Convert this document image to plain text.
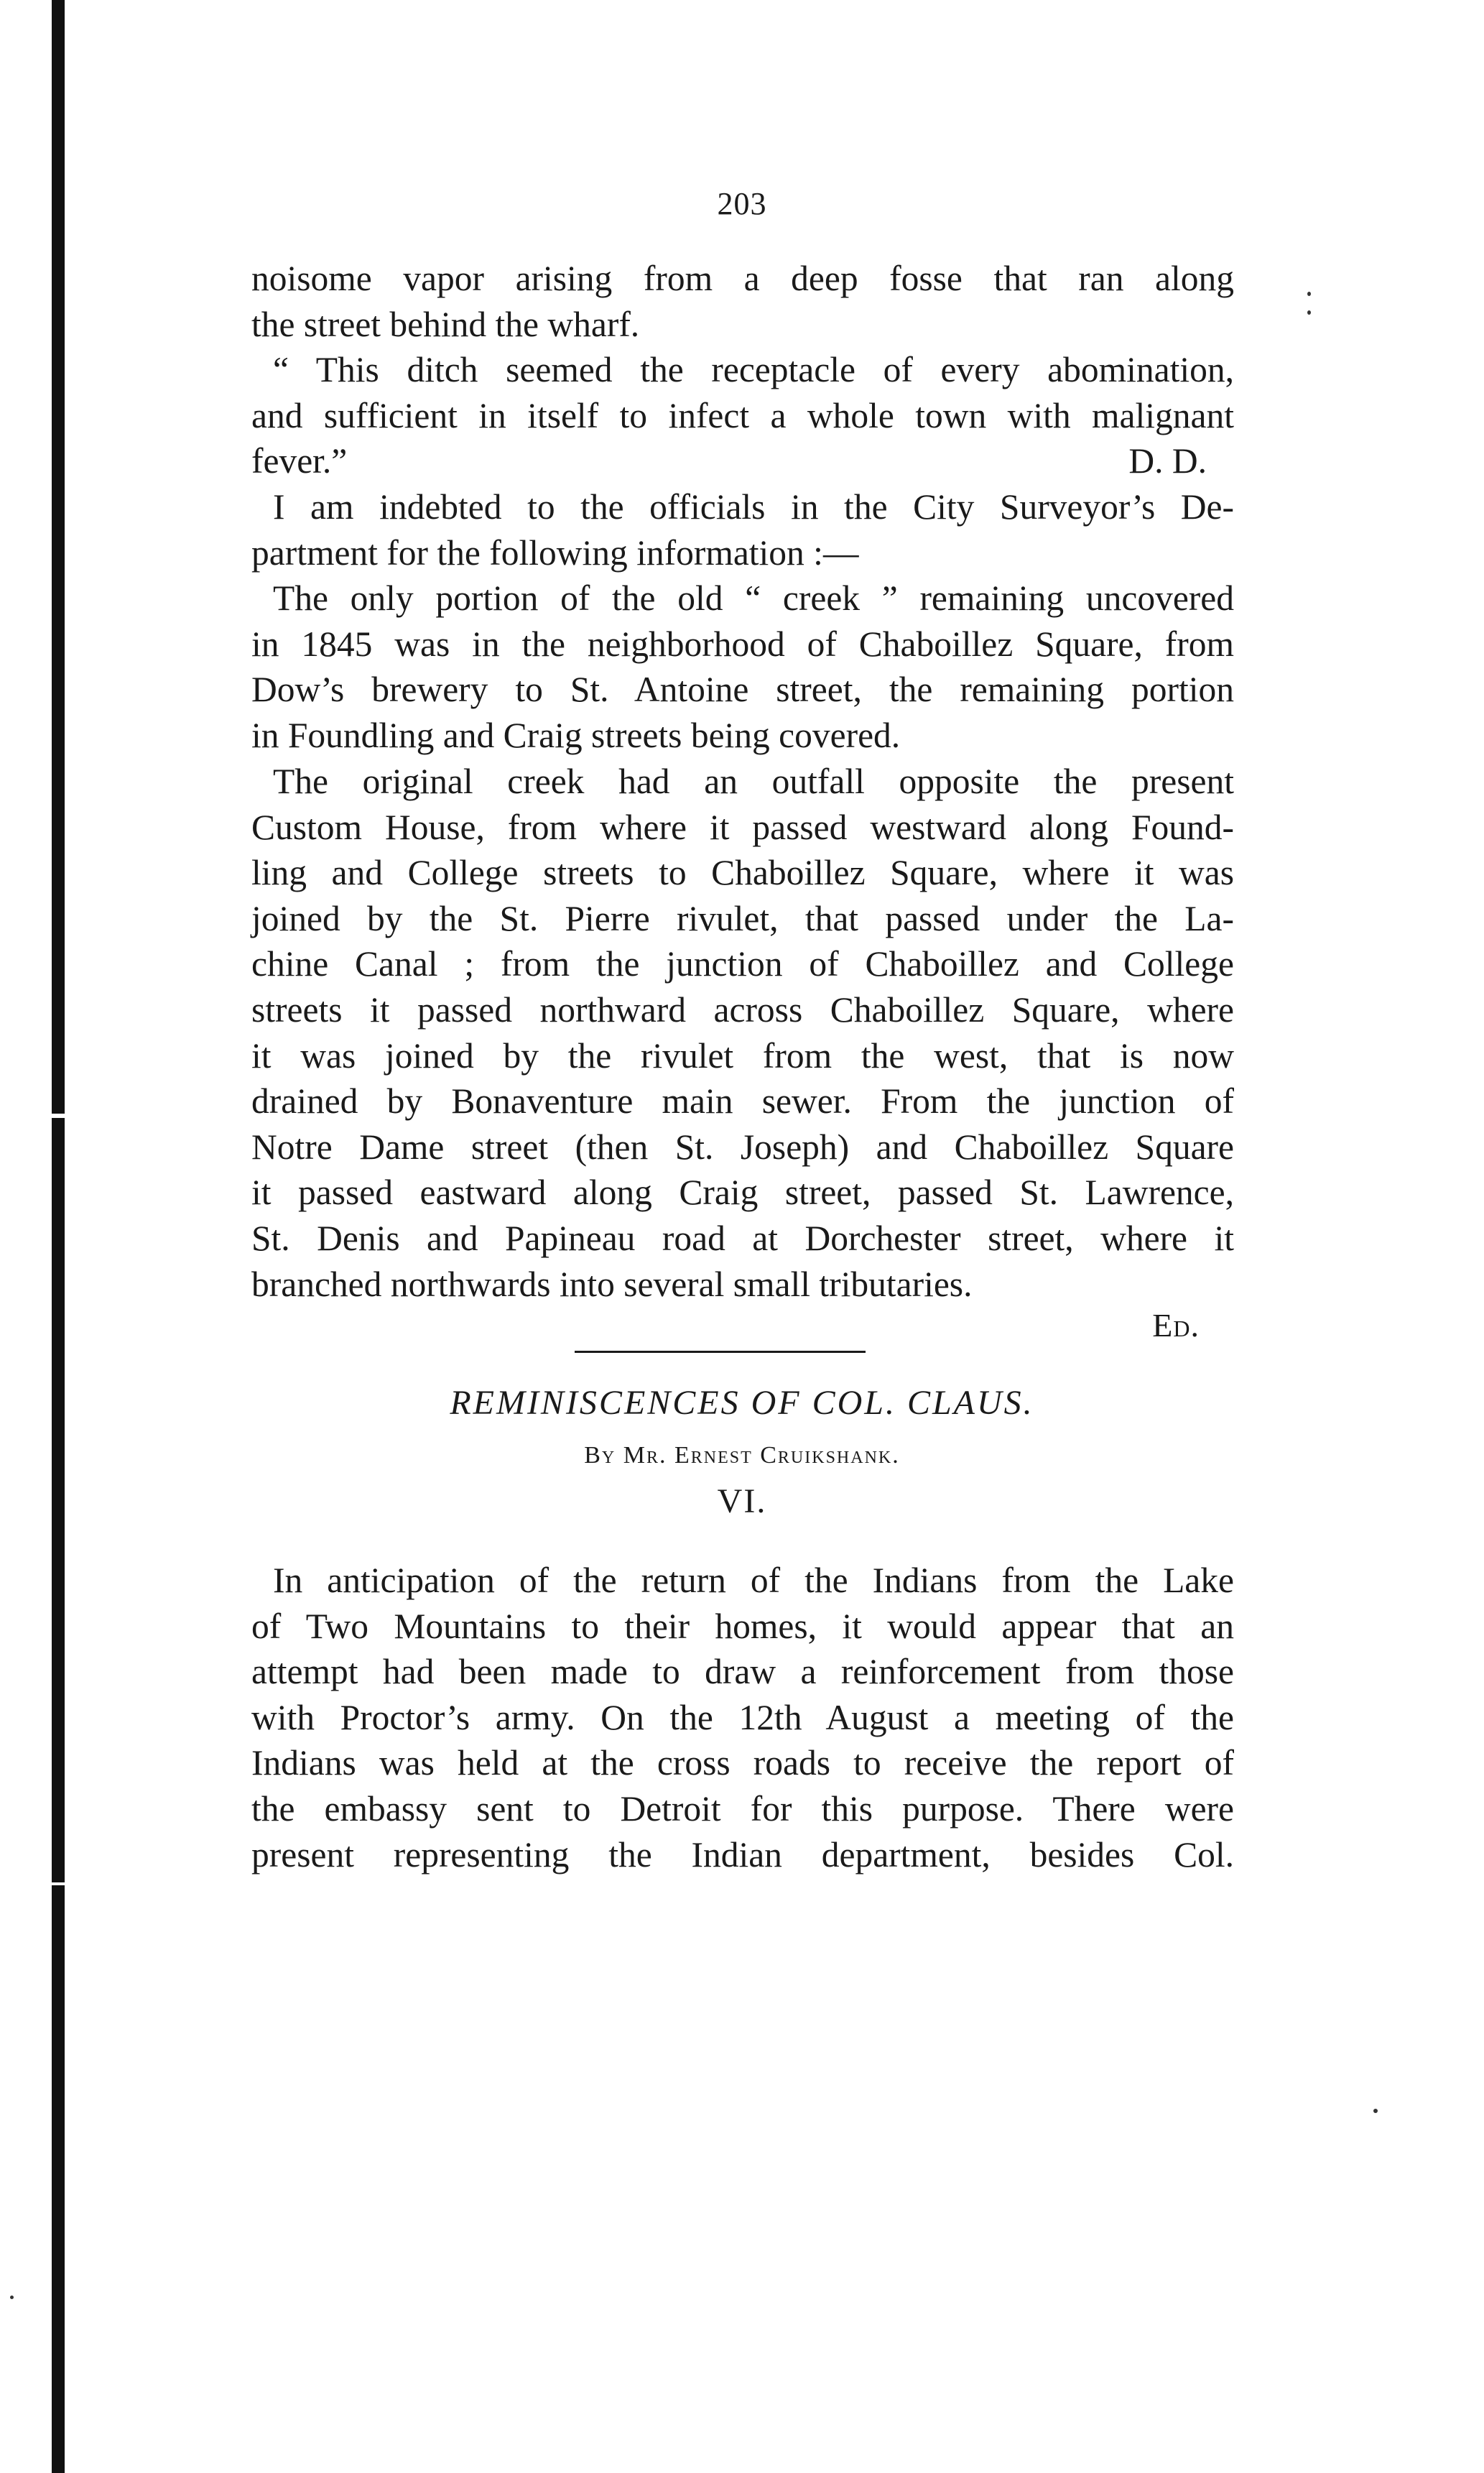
203
noisome vapor arising from a deep fosse that ran along
the street behind the wharf.
“ This ditch seemed the receptacle of every abomination,
and sufficient in itself to infect a whole town with malignant
fever.”	D. D.
I am indebted to the officials in the City Surveyor’s De-
partment for the following information :—
The only portion of the old “ creek ” remaining uncovered
in 1845 was in the neighborhood of Chaboillez Square, from
Dow’s brewery to St. Antoine street, the remaining portion
in Foundling and Craig streets being covered.
The original creek had an outfall opposite the present
Custom House, from where it passed westward along Found-
ling and College streets to Chaboillez Square, where it was
joined by the St. Pierre rivulet, that passed under the La-
chine Canal ; from the junction of Chaboillez and College
streets it passed northward across Chaboillez Square, where
it was joined by the rivulet from the west, that is now
drained by Bonaventure main sewer. From the junction of
Notre Dame street (then St. Joseph) and Chaboillez Square
it passed eastward along Craig street, passed St. Lawrence,
St. Denis and Papineau road at Dorchester street, where it
branched northwards into several small tributaries.
Ed.
REMINISCENCES OF COL. CLAUS.
By Mr. Ernest Cruikshank.
VI.
In anticipation of the return of the Indians from the Lake
of Two Mountains to their homes, it would appear that an
attempt had been made to draw a reinforcement from those
with Proctor’s army. On the 12th August a meeting of the
Indians was held at the cross roads to receive the report of
the embassy sent to Detroit for this purpose. There were
present representing the Indian department, besides Col.
